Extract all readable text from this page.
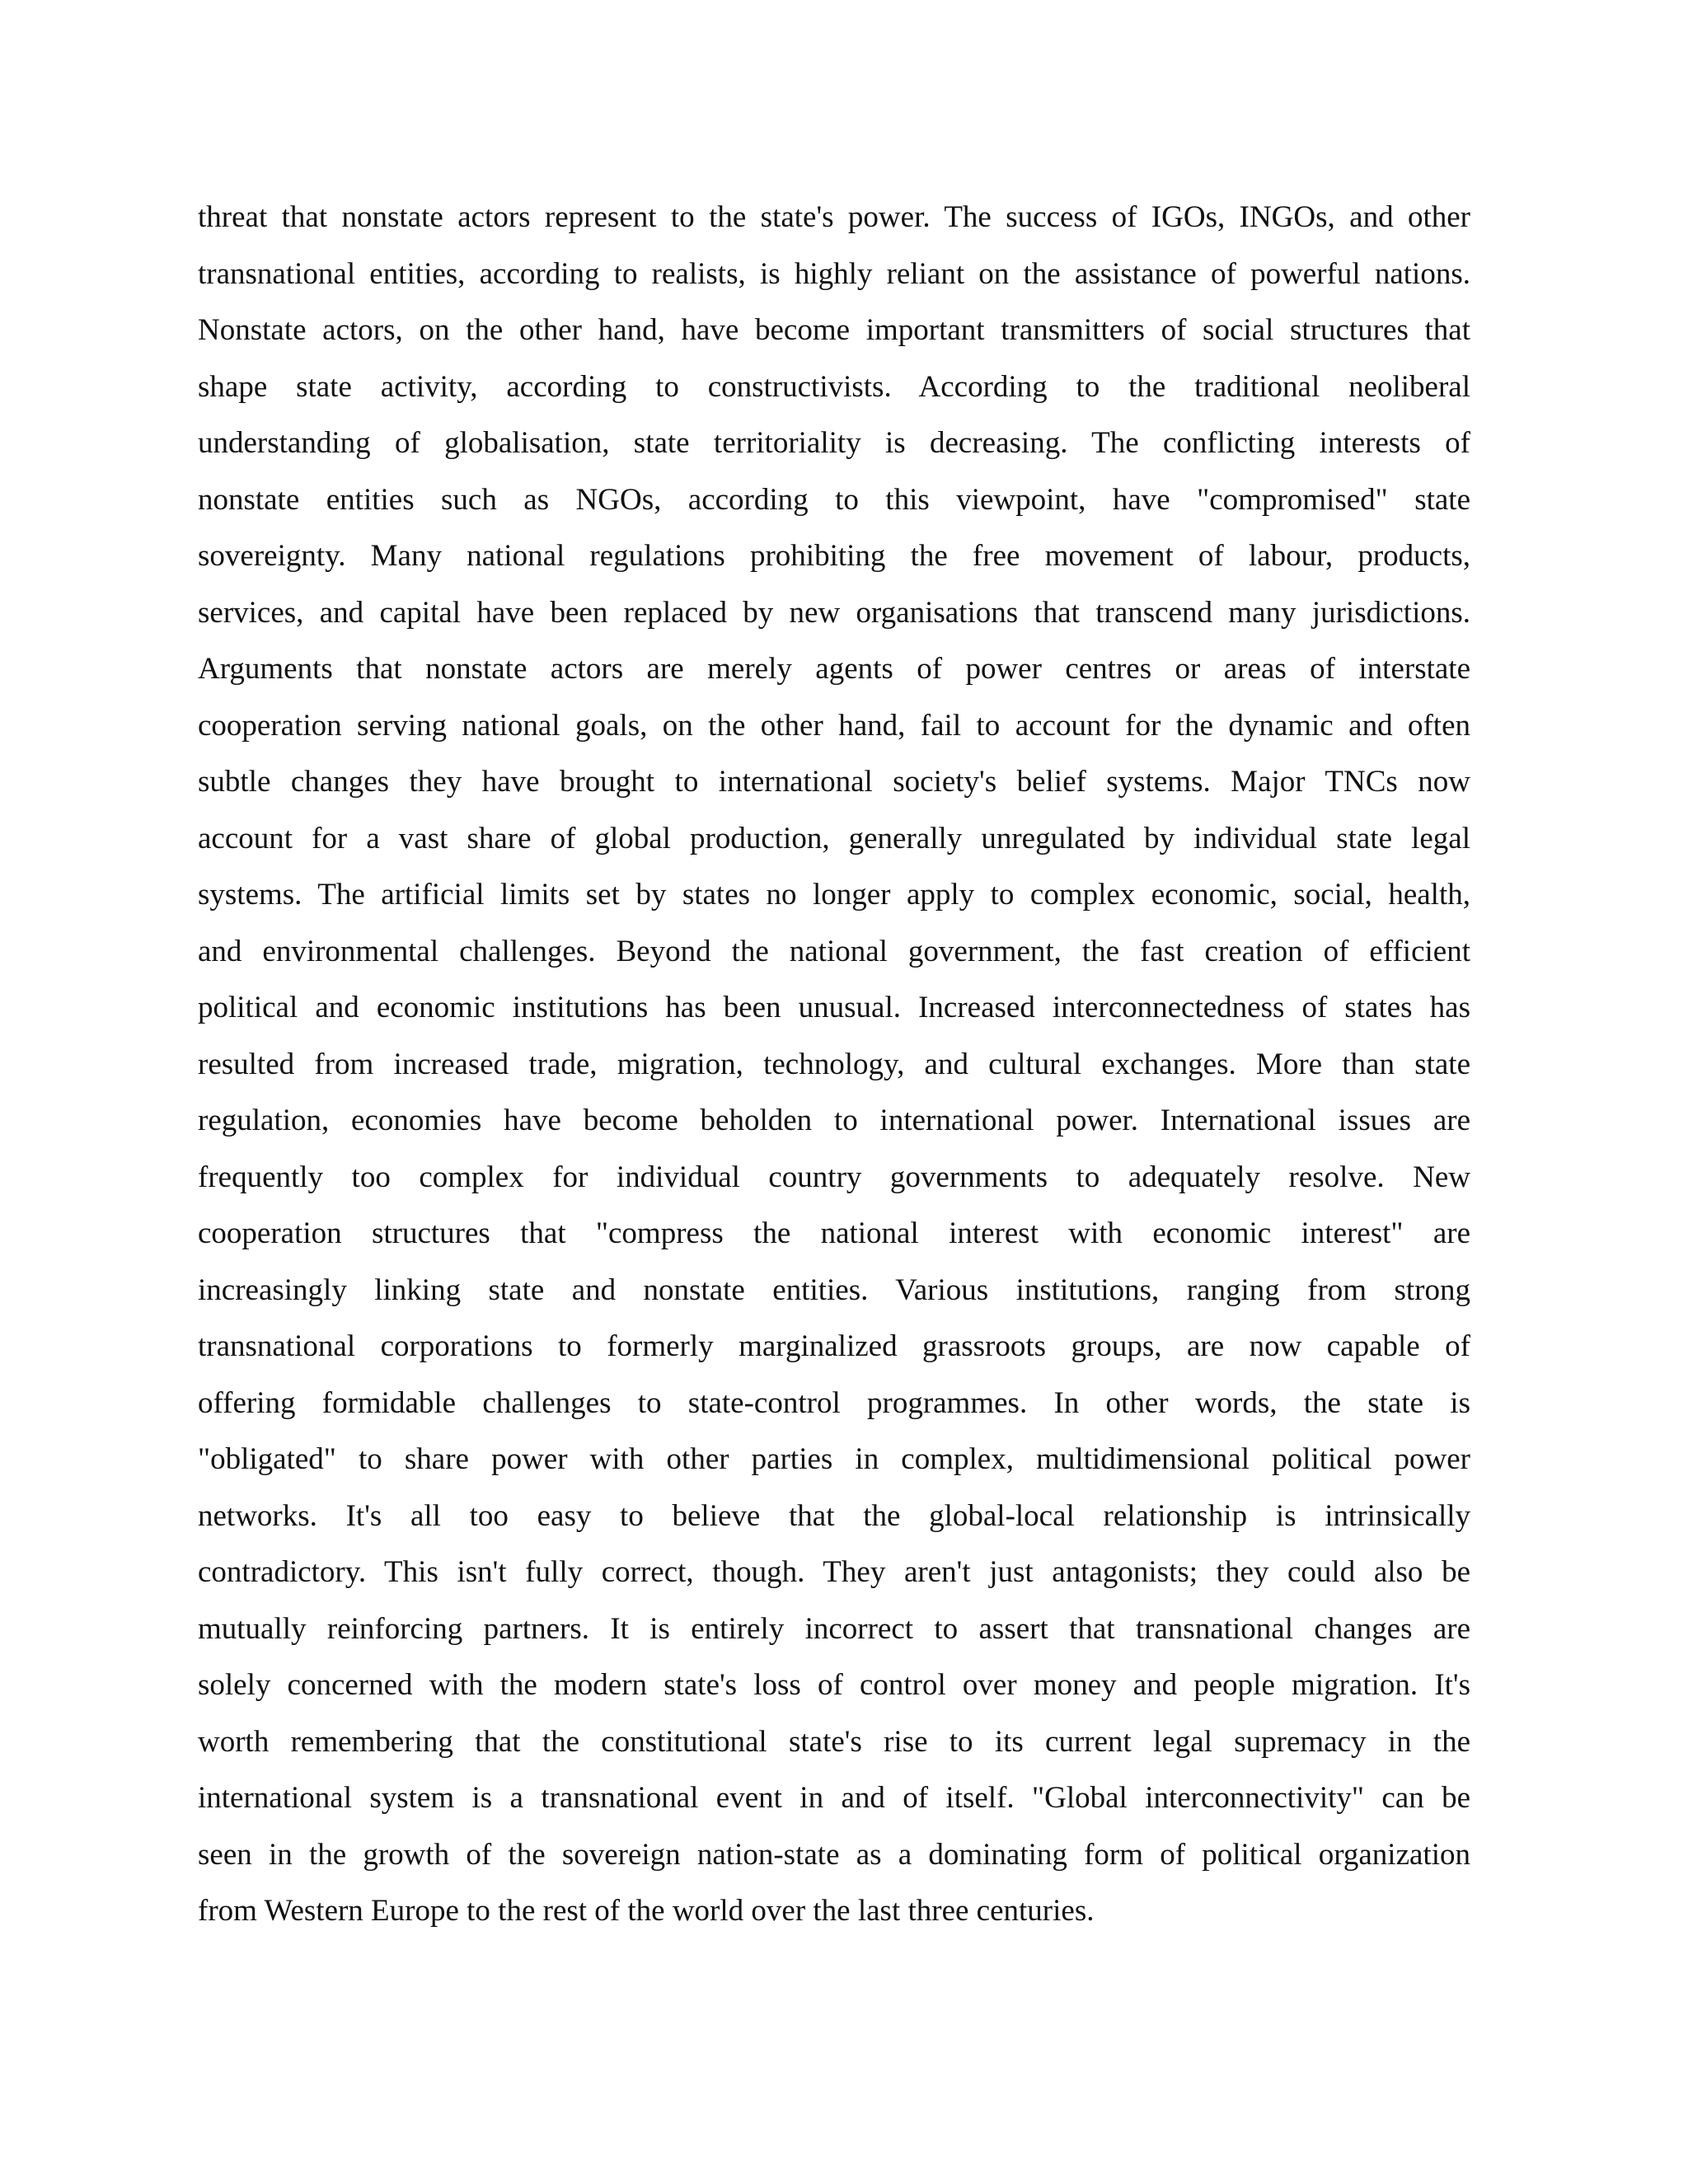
threat that nonstate actors represent to the state's power. The success of IGOs, INGOs, and other
transnational entities, according to realists, is highly reliant on the assistance of powerful nations.
Nonstate actors, on the other hand, have become important transmitters of social structures that
shape state activity, according to constructivists. According to the traditional neoliberal
understanding of globalisation, state territoriality is decreasing. The conflicting interests of
nonstate entities such as NGOs, according to this viewpoint, have "compromised" state
sovereignty. Many national regulations prohibiting the free movement of labour, products,
services, and capital have been replaced by new organisations that transcend many jurisdictions.
Arguments that nonstate actors are merely agents of power centres or areas of interstate
cooperation serving national goals, on the other hand, fail to account for the dynamic and often
subtle changes they have brought to international society's belief systems. Major TNCs now
account for a vast share of global production, generally unregulated by individual state legal
systems. The artificial limits set by states no longer apply to complex economic, social, health,
and environmental challenges. Beyond the national government, the fast creation of efficient
political and economic institutions has been unusual. Increased interconnectedness of states has
resulted from increased trade, migration, technology, and cultural exchanges. More than state
regulation, economies have become beholden to international power. International issues are
frequently too complex for individual country governments to adequately resolve. New
cooperation structures that "compress the national interest with economic interest" are
increasingly linking state and nonstate entities. Various institutions, ranging from strong
transnational corporations to formerly marginalized grassroots groups, are now capable of
offering formidable challenges to state-control programmes. In other words, the state is
"obligated" to share power with other parties in complex, multidimensional political power
networks. It's all too easy to believe that the global-local relationship is intrinsically
contradictory. This isn't fully correct, though. They aren't just antagonists; they could also be
mutually reinforcing partners. It is entirely incorrect to assert that transnational changes are
solely concerned with the modern state's loss of control over money and people migration. It's
worth remembering that the constitutional state's rise to its current legal supremacy in the
international system is a transnational event in and of itself. "Global interconnectivity" can be
seen in the growth of the sovereign nation-state as a dominating form of political organization
from Western Europe to the rest of the world over the last three centuries.
